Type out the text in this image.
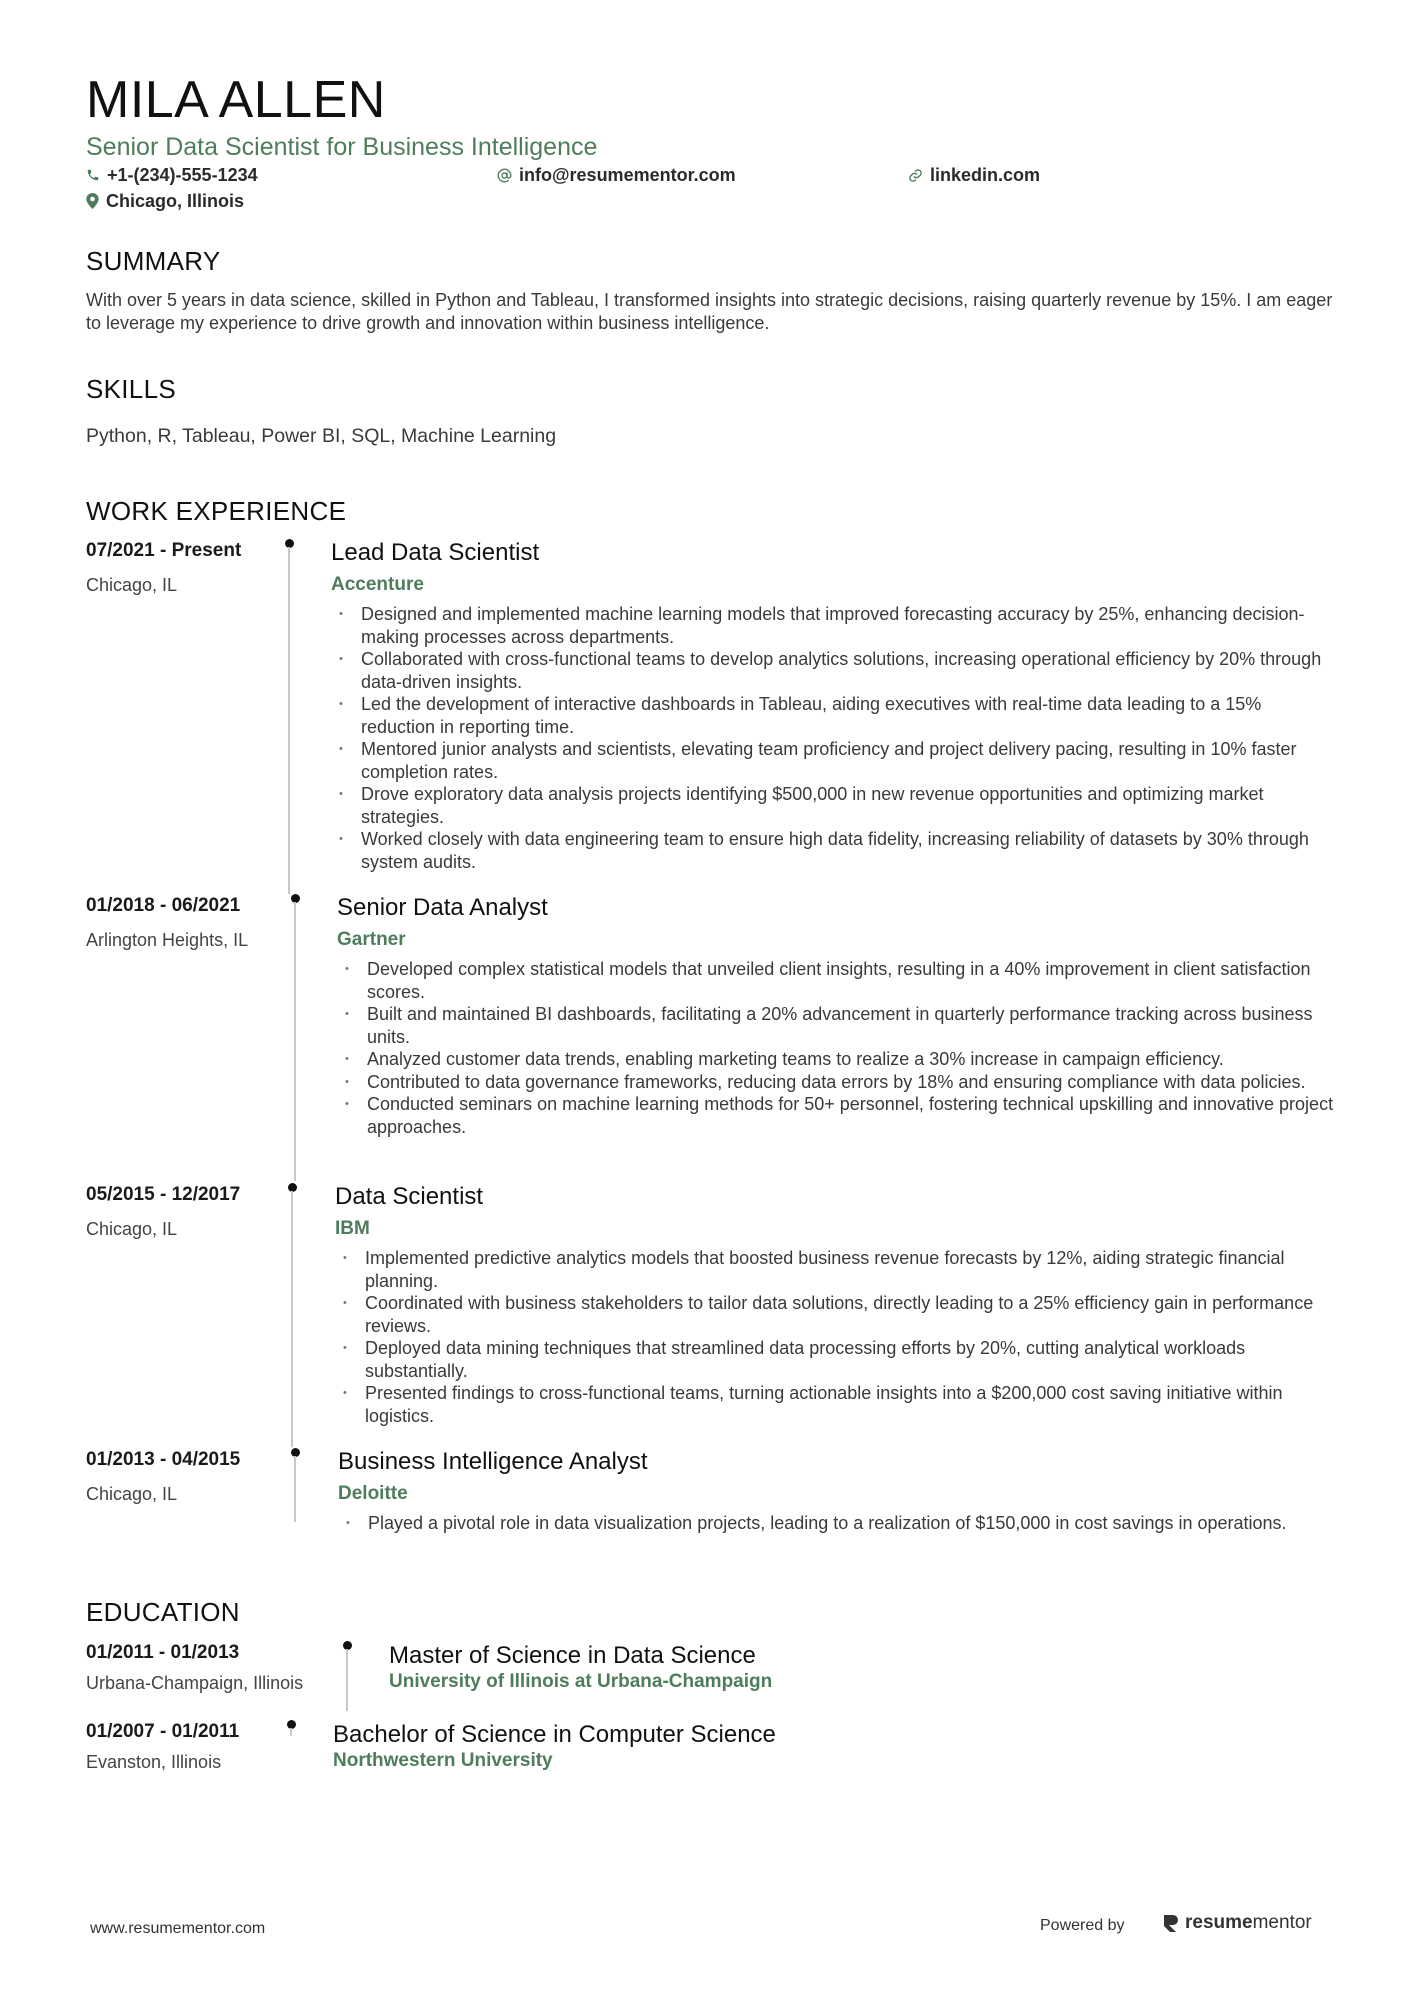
MILA ALLEN
Senior Data Scientist for Business Intelligence
+1-(234)-555-1234	info@resumementor.com	linkedin.com
Chicago, Illinois
SUMMARY
With over 5 years in data science, skilled in Python and Tableau, I transformed insights into strategic decisions, raising quarterly revenue by 15%. I am eager to leverage my experience to drive growth and innovation within business intelligence.
SKILLS
Python, R, Tableau, Power BI, SQL, Machine Learning
WORK EXPERIENCE
07/2021 - Present
Chicago, IL
Lead Data Scientist
Accenture
• Designed and implemented machine learning models that improved forecasting accuracy by 25%, enhancing decision-making processes across departments.
• Collaborated with cross-functional teams to develop analytics solutions, increasing operational efficiency by 20% through data-driven insights.
• Led the development of interactive dashboards in Tableau, aiding executives with real-time data leading to a 15% reduction in reporting time.
• Mentored junior analysts and scientists, elevating team proficiency and project delivery pacing, resulting in 10% faster completion rates.
• Drove exploratory data analysis projects identifying $500,000 in new revenue opportunities and optimizing market strategies.
• Worked closely with data engineering team to ensure high data fidelity, increasing reliability of datasets by 30% through system audits.
01/2018 - 06/2021
Arlington Heights, IL
Senior Data Analyst
Gartner
• Developed complex statistical models that unveiled client insights, resulting in a 40% improvement in client satisfaction scores.
• Built and maintained BI dashboards, facilitating a 20% advancement in quarterly performance tracking across business units.
• Analyzed customer data trends, enabling marketing teams to realize a 30% increase in campaign efficiency.
• Contributed to data governance frameworks, reducing data errors by 18% and ensuring compliance with data policies.
• Conducted seminars on machine learning methods for 50+ personnel, fostering technical upskilling and innovative project approaches.
05/2015 - 12/2017
Chicago, IL
Data Scientist
IBM
• Implemented predictive analytics models that boosted business revenue forecasts by 12%, aiding strategic financial planning.
• Coordinated with business stakeholders to tailor data solutions, directly leading to a 25% efficiency gain in performance reviews.
• Deployed data mining techniques that streamlined data processing efforts by 20%, cutting analytical workloads substantially.
• Presented findings to cross-functional teams, turning actionable insights into a $200,000 cost saving initiative within logistics.
01/2013 - 04/2015
Chicago, IL
Business Intelligence Analyst
Deloitte
• Played a pivotal role in data visualization projects, leading to a realization of $150,000 in cost savings in operations.
EDUCATION
01/2011 - 01/2013
Urbana-Champaign, Illinois
Master of Science in Data Science
University of Illinois at Urbana-Champaign
01/2007 - 01/2011
Evanston, Illinois
Bachelor of Science in Computer Science
Northwestern University
www.resumementor.com	Powered by	resume mentor
